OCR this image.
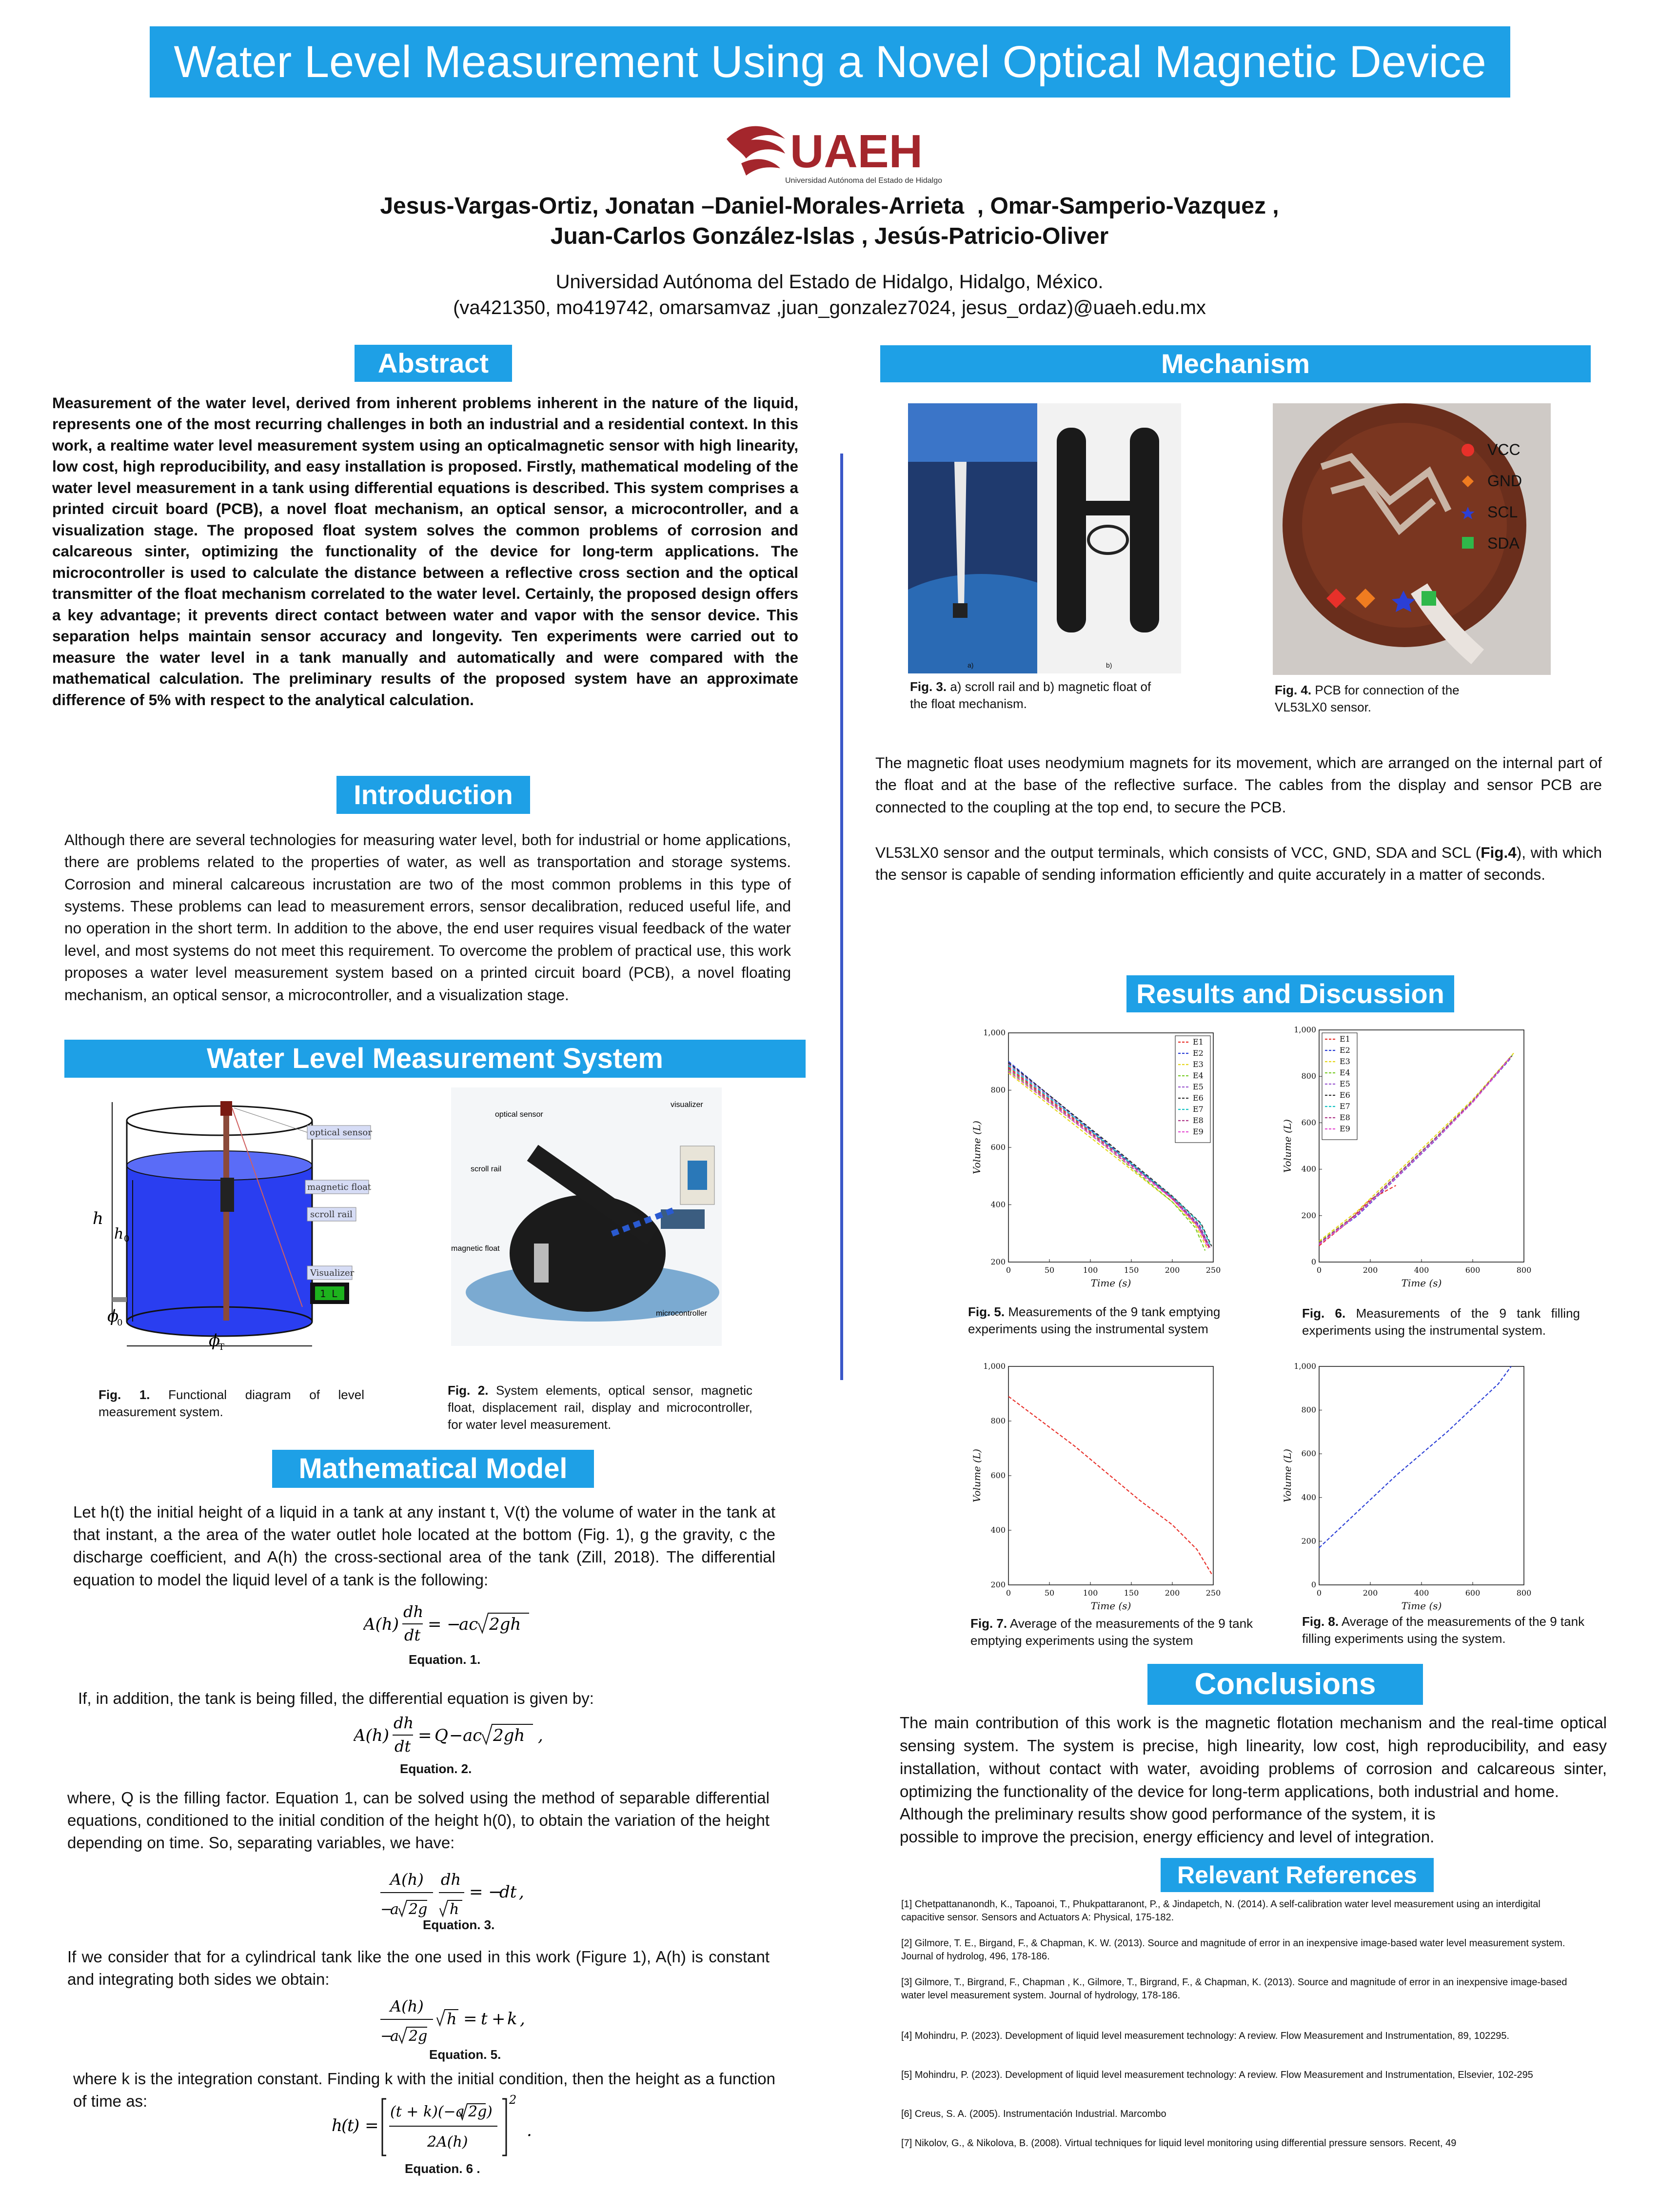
Water Level Measurement Using a Novel Optical Magnetic Device
UAEH
Universidad Autónoma del Estado de Hidalgo
Jesus-Vargas-Ortiz, Jonatan –Daniel-Morales-Arrieta  , Omar-Samperio-Vazquez ,
Juan-Carlos González-Islas , Jesús-Patricio-Oliver
Universidad Autónoma del Estado de Hidalgo, Hidalgo, México.
(va421350, mo419742, omarsamvaz ,juan_gonzalez7024, jesus_ordaz)@uaeh.edu.mx
Abstract
Measurement of the water level, derived from inherent problems inherent in the nature of the liquid, represents one of the most recurring challenges in both an industrial and a residential context. In this work, a realtime water level measurement system using an opticalmagnetic sensor with high linearity, low cost, high reproducibility, and easy installation is proposed. Firstly, mathematical modeling of the water level measurement in a tank using differential equations is described. This system comprises a printed circuit board (PCB), a novel float mechanism, an optical sensor, a microcontroller, and a visualization stage. The proposed float system solves the common problems of corrosion and calcareous sinter, optimizing the functionality of the device for long-term applications. The microcontroller is used to calculate the distance between a reflective cross section and the optical transmitter of the float mechanism correlated to the water level. Certainly, the proposed design offers a key advantage; it prevents direct contact between water and vapor with the sensor device. This separation helps maintain sensor accuracy and longevity. Ten experiments were carried out to measure the water level in a tank manually and automatically and were compared with the mathematical calculation. The preliminary results of the proposed system have an approximate difference of 5% with respect to the analytical calculation.
Introduction
Although there are several technologies for measuring water level, both for industrial or home applications, there are problems related to the properties of water, as well as transportation and storage systems. Corrosion and mineral calcareous incrustation are two of the most common problems in this type of systems. These problems can lead to measurement errors, sensor decalibration, reduced useful life, and no operation in the short term. In addition to the above, the end user requires visual feedback of the water level, and most systems do not meet this requirement. To overcome the problem of practical use, this work proposes a water level measurement system based on a printed circuit board (PCB), a novel floating mechanism, an optical sensor, a microcontroller, and a visualization stage.
Water Level Measurement System
h
h 0
ϕ
0
ϕ
T
optical sensor
magnetic float
scroll rail
Visualizer
1 L
Fig. 1. Functional diagram of level measurement system.
optical sensor
scroll rail
magnetic float
visualizer
microcontroller
Fig. 2. System elements, optical sensor, magnetic float, displacement rail, display and microcontroller, for water level measurement.
Mathematical Model
Let h(t) the initial height of a liquid in a tank at any instant t, V(t) the volume of water in the tank at that instant, a the area of the water outlet hole located at the bottom (Fig. 1), g the gravity, c the discharge coefficient, and A(h) the cross-sectional area of the tank (Zill, 2018). The differential equation to model the liquid level of a tank is the following:
A(h)
dh
dt
= −
ac 2gh
Equation. 1.
If, in addition, the tank is being filled, the differential equation is given by:
A(h)
dh
dt
= Q − ac 2gh ,
Equation. 2.
where, Q is the filling factor. Equation 1, can be solved using the method of separable differential equations, conditioned to the initial condition of the height h(0), to obtain the variation of the height depending on time. So, separating variables, we have:
A(h)
−
a 2g
dh
h
= −
dt ,
Equation. 3.
If we consider that for a cylindrical tank like the one used in this work (Figure 1), A(h) is constant and integrating both sides we obtain:
A(h)
−
a 2g
h = t + k ,
Equation. 5.
where k is the integration constant. Finding k with the initial condition, then the height as a function of time as:
h
(
t
) =
(t + k)(−a 2g )
2A(h)
2
.
Equation. 6 .
Mechanism
a)	b)
Fig. 3. a) scroll rail and b) magnetic float of the float mechanism.
VCC
GND
SCL
SDA
Fig. 4. PCB for connection of the VL53LX0 sensor.
The magnetic float uses neodymium magnets for its movement, which are arranged on the internal part of the float and at the base of the reflective surface. The cables from the display and sensor PCB are connected to the coupling at the top end, to secure the PCB.
VL53LX0 sensor and the output terminals, which consists of VCC, GND, SDA and SCL (Fig.4), with which the sensor is capable of sending information efficiently and quite accurately in a matter of seconds.
Results and Discussion
0	50	100	150	200	250
200
400
600
800
1,000
Time (s)
Volume (L)
E1
E2
E3
E4
E5
E6
E7
E8
E9
0	200	400	600	800
0
200
400
600
800
1,000
Time (s)
Volume (L)
E1
E2
E3
E4
E5
E6
E7
E8
E9
0	50	100	150	200	250
200
400
600
800
1,000
Time (s)
Volume (L)
0	200	400	600	800
0
200
400
600
800
1,000
Time (s)
Volume (L)
Fig. 5. Measurements of the 9 tank emptying experiments using the instrumental system
Fig. 6. Measurements of the 9 tank filling experiments using the instrumental system.
Fig. 7. Average of the measurements of the 9 tank emptying experiments using the system
Fig. 8. Average of the measurements of the 9 tank filling experiments using the system.
Conclusions
The main contribution of this work is the magnetic flotation mechanism and the real-time optical sensing system. The system is precise, high linearity, low cost, high reproducibility, and easy installation, without contact with water, avoiding problems of corrosion and calcareous sinter, optimizing the functionality of the device for long-term applications, both industrial and home.
Although the preliminary results show good performance of the system, it is
possible to improve the precision, energy efficiency and level of integration.
Relevant References
[1] Chetpattananondh, K., Tapoanoi, T., Phukpattaranont, P., & Jindapetch, N. (2014). A self-calibration water level measurement using an interdigital capacitive sensor. Sensors and Actuators A: Physical, 175-182.
[2] Gilmore, T. E., Birgand, F., & Chapman, K. W. (2013). Source and magnitude of error in an inexpensive image-based water level measurement system. Journal of hydrolog, 496, 178-186.
[3] Gilmore, T., Birgrand, F., Chapman , K., Gilmore, T., Birgrand, F., & Chapman, K. (2013). Source and magnitude of error in an inexpensive image-based water level measurement system. Journal of hydrology, 178-186.
[4] Mohindru, P. (2023). Development of liquid level measurement technology: A review. Flow Measurement and Instrumentation, 89, 102295.
[5] Mohindru, P. (2023). Development of liquid level measurement technology: A review. Flow Measurement and Instrumentation, Elsevier, 102-295
[6] Creus, S. A. (2005). Instrumentación Industrial. Marcombo
[7] Nikolov, G., & Nikolova, B. (2008). Virtual techniques for liquid level monitoring using differential pressure sensors. Recent, 49
